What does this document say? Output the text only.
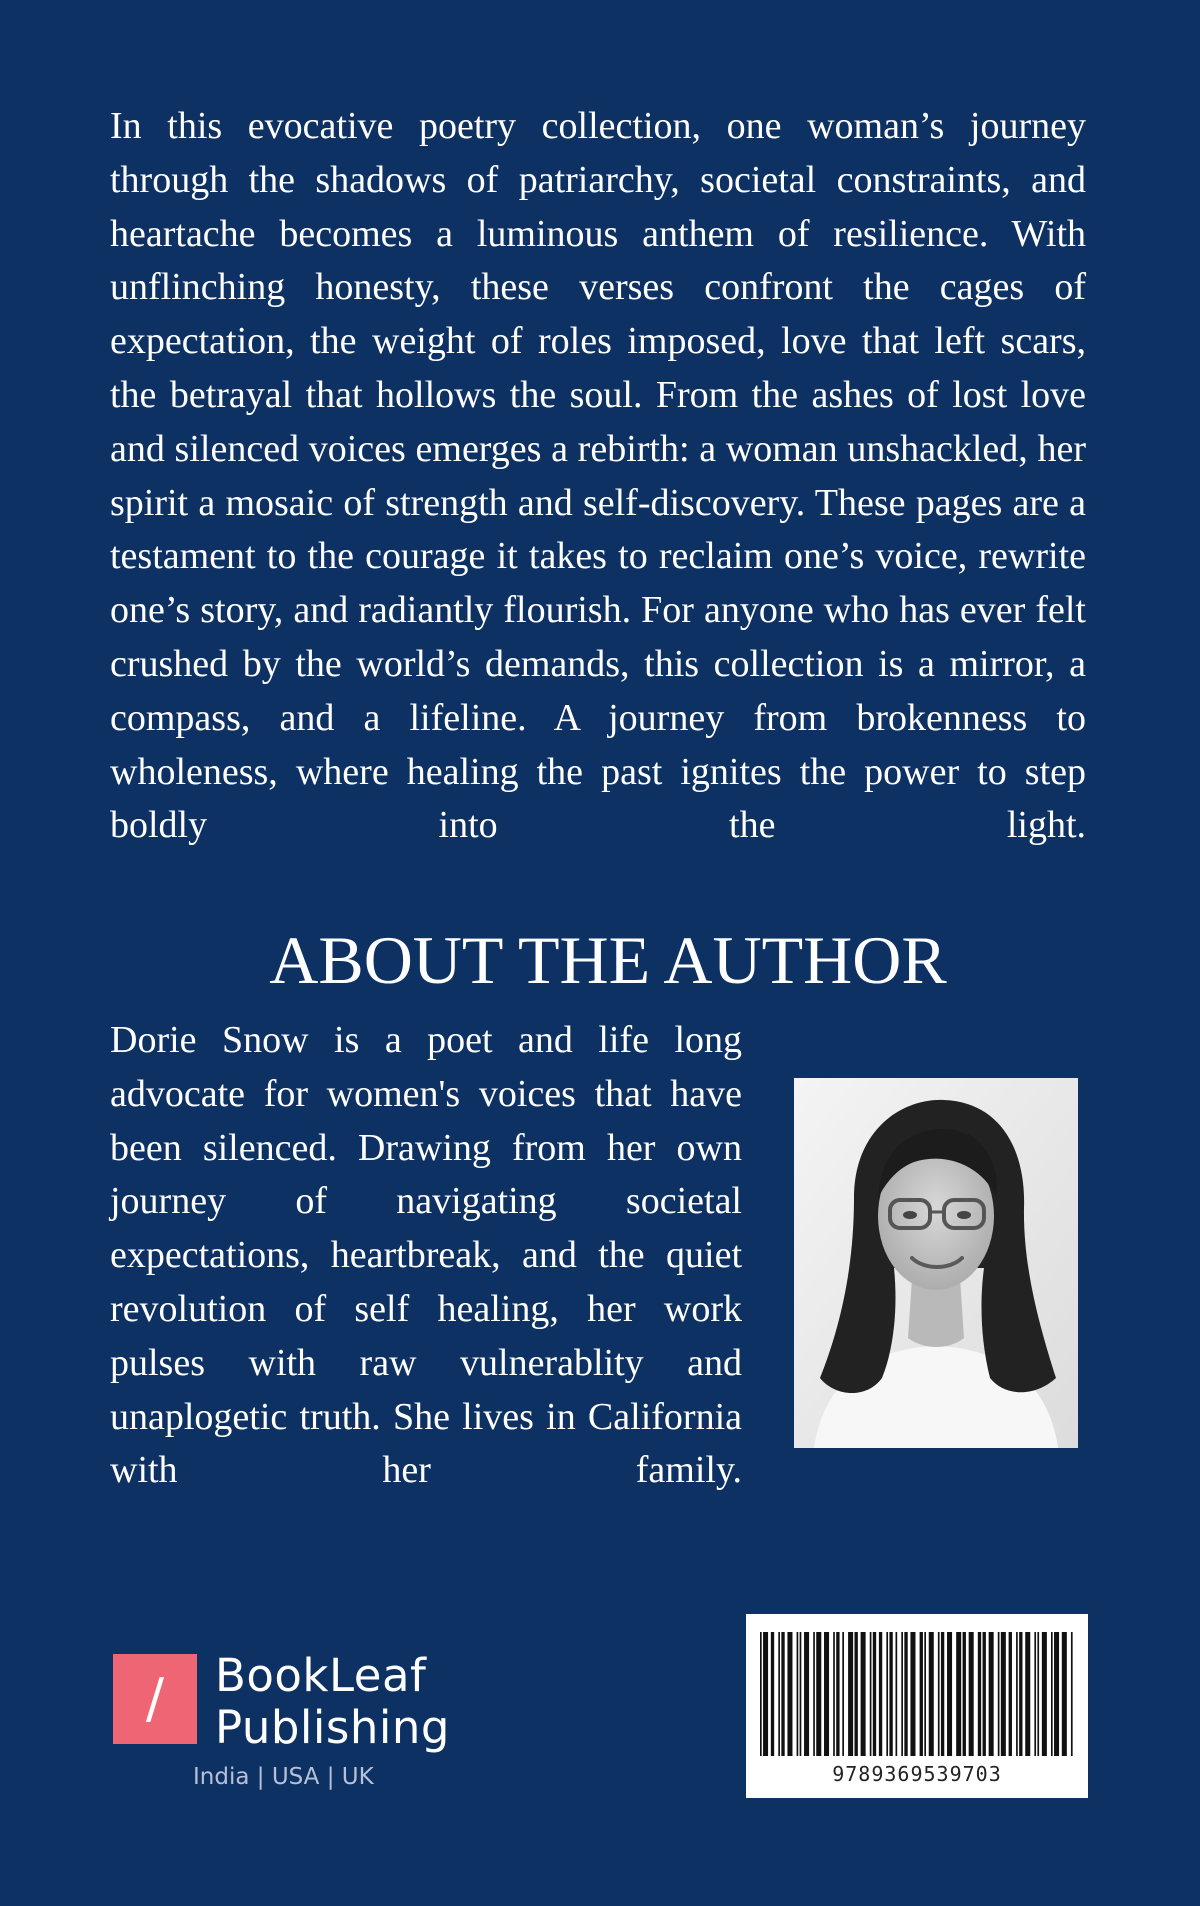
In this evocative poetry collection, one woman’s journey through the shadows of patriarchy, societal constraints, and heartache becomes a luminous anthem of resilience. With unflinching honesty, these verses confront the cages of expectation, the weight of roles imposed, love that left scars, the betrayal that hollows the soul. From the ashes of lost love and silenced voices emerges a rebirth: a woman unshackled, her spirit a mosaic of strength and self-discovery. These pages are a testament to the courage it takes to reclaim one’s voice, rewrite one’s story, and radiantly flourish. For anyone who has ever felt crushed by the world’s demands, this collection is a mirror, a compass, and a lifeline. A journey from brokenness to wholeness, where healing the past ignites the power to step boldly into the light.

ABOUT THE AUTHOR

Dorie Snow is a poet and life long advocate for women's voices that have been silenced. Drawing from her own journey of navigating societal expectations, heartbreak, and the quiet revolution of self healing, her work pulses with raw vulnerablity and unaplogetic truth. She lives in California with her family.

/	BookLeaf
Publishing
India | USA | UK	9789369539703
